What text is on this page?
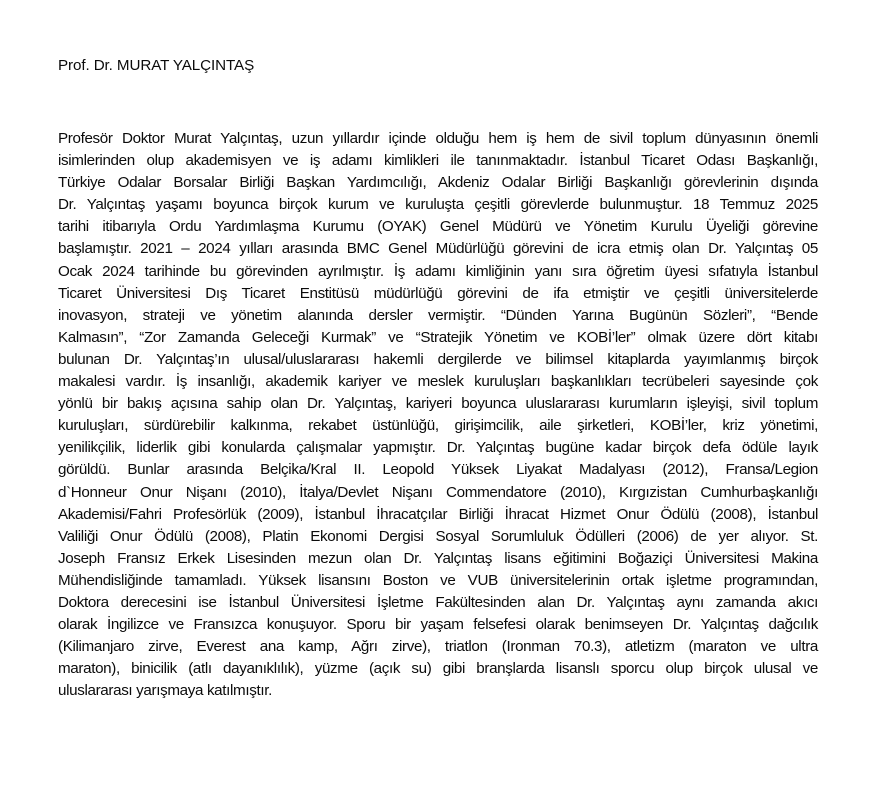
Prof. Dr. MURAT YALÇINTAŞ
Profesör Doktor Murat Yalçıntaş, uzun yıllardır içinde olduğu hem iş hem de sivil toplum dünyasının önemli
isimlerinden olup akademisyen ve iş adamı kimlikleri ile tanınmaktadır. İstanbul Ticaret Odası Başkanlığı,
Türkiye Odalar Borsalar Birliği Başkan Yardımcılığı, Akdeniz Odalar Birliği Başkanlığı görevlerinin dışında
Dr. Yalçıntaş yaşamı boyunca birçok kurum ve kuruluşta çeşitli görevlerde bulunmuştur. 18 Temmuz 2025
tarihi itibarıyla Ordu Yardımlaşma Kurumu (OYAK) Genel Müdürü ve Yönetim Kurulu Üyeliği görevine
başlamıştır. 2021 – 2024 yılları arasında BMC Genel Müdürlüğü görevini de icra etmiş olan Dr. Yalçıntaş 05
Ocak 2024 tarihinde bu görevinden ayrılmıştır. İş adamı kimliğinin yanı sıra öğretim üyesi sıfatıyla İstanbul
Ticaret Üniversitesi Dış Ticaret Enstitüsü müdürlüğü görevini de ifa etmiştir ve çeşitli üniversitelerde
inovasyon, strateji ve yönetim alanında dersler vermiştir. “Dünden Yarına Bugünün Sözleri”, “Bende
Kalmasın”, “Zor Zamanda Geleceği Kurmak” ve “Stratejik Yönetim ve KOBİ’ler” olmak üzere dört kitabı
bulunan Dr. Yalçıntaş’ın ulusal/uluslararası hakemli dergilerde ve bilimsel kitaplarda yayımlanmış birçok
makalesi vardır. İş insanlığı, akademik kariyer ve meslek kuruluşları başkanlıkları tecrübeleri sayesinde çok
yönlü bir bakış açısına sahip olan Dr. Yalçıntaş, kariyeri boyunca uluslararası kurumların işleyişi, sivil toplum
kuruluşları, sürdürebilir kalkınma, rekabet üstünlüğü, girişimcilik, aile şirketleri, KOBİ’ler, kriz yönetimi,
yenilikçilik, liderlik gibi konularda çalışmalar yapmıştır. Dr. Yalçıntaş bugüne kadar birçok defa ödüle layık
görüldü. Bunlar arasında Belçika/Kral II. Leopold Yüksek Liyakat Madalyası (2012), Fransa/Legion
d`Honneur Onur Nişanı (2010), İtalya/Devlet Nişanı Commendatore (2010), Kırgızistan Cumhurbaşkanlığı
Akademisi/Fahri Profesörlük (2009), İstanbul İhracatçılar Birliği İhracat Hizmet Onur Ödülü (2008), İstanbul
Valiliği Onur Ödülü (2008), Platin Ekonomi Dergisi Sosyal Sorumluluk Ödülleri (2006) de yer alıyor. St.
Joseph Fransız Erkek Lisesinden mezun olan Dr. Yalçıntaş lisans eğitimini Boğaziçi Üniversitesi Makina
Mühendisliğinde tamamladı. Yüksek lisansını Boston ve VUB üniversitelerinin ortak işletme programından,
Doktora derecesini ise İstanbul Üniversitesi İşletme Fakültesinden alan Dr. Yalçıntaş aynı zamanda akıcı
olarak İngilizce ve Fransızca konuşuyor. Sporu bir yaşam felsefesi olarak benimseyen Dr. Yalçıntaş dağcılık
(Kilimanjaro zirve, Everest ana kamp, Ağrı zirve), triatlon (Ironman 70.3), atletizm (maraton ve ultra
maraton), binicilik (atlı dayanıklılık), yüzme (açık su) gibi branşlarda lisanslı sporcu olup birçok ulusal ve
uluslararası yarışmaya katılmıştır.
